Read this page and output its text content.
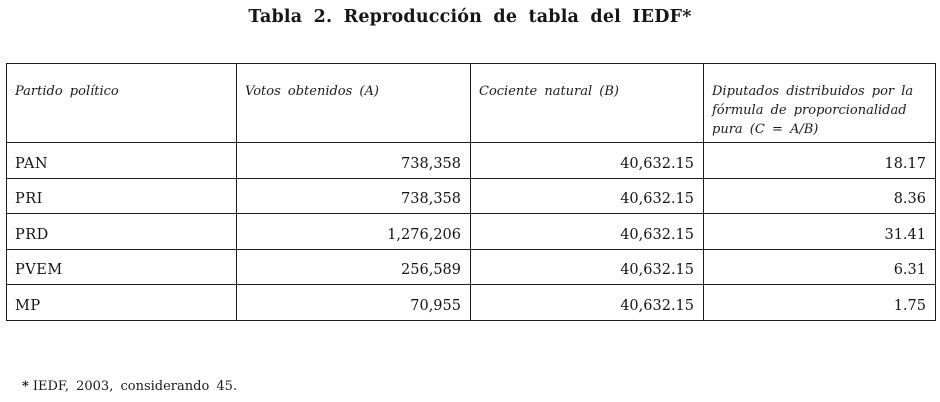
Tabla 2. Reproducción de tabla del IEDF*
Partido político	Votos obtenidos (A)	Cociente natural (B)	Diputados distribuidos por la fórmula de proporcionalidad pura (C = A/B)
PAN	738,358	40,632.15	18.17
PRI	738,358	40,632.15	8.36
PRD	1,276,206	40,632.15	31.41
PVEM	256,589	40,632.15	6.31
MP	70,955	40,632.15	1.75
* IEDF, 2003, considerando 45.
